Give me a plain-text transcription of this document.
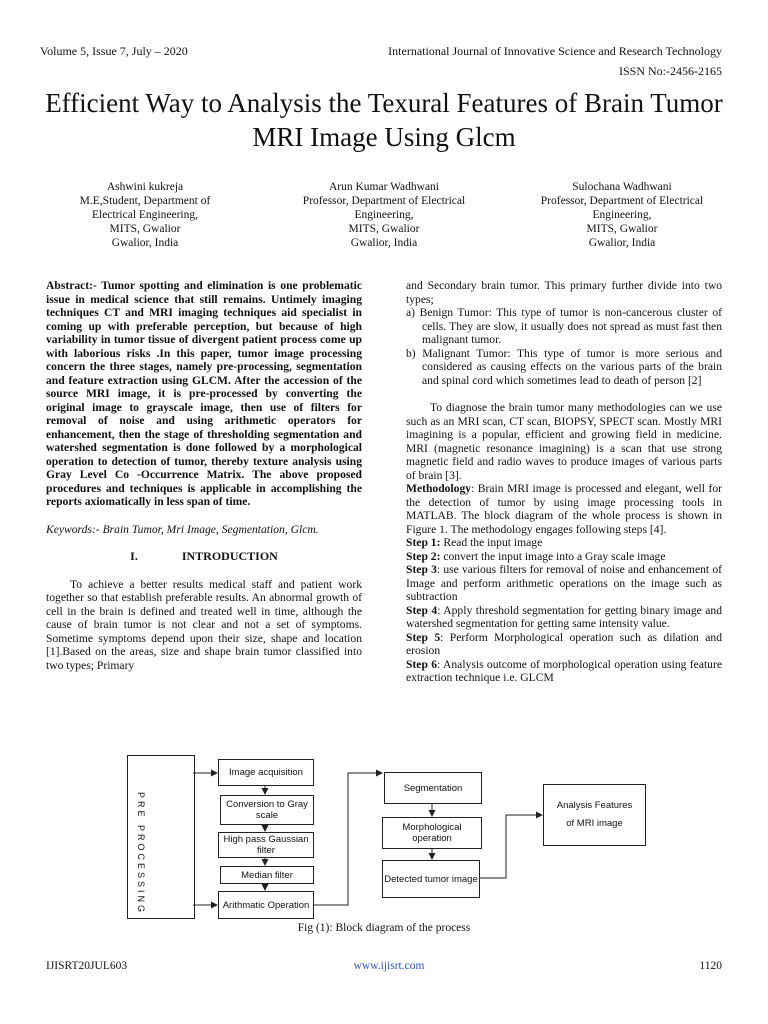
Volume 5, Issue 7, July – 2020	International Journal of Innovative Science and Research Technology
ISSN No:-2456-2165
Efficient Way to Analysis the Texural Features of Brain Tumor MRI Image Using Glcm
Ashwini kukreja
M.E,Student, Department of Electrical Engineering,
MITS, Gwalior
Gwalior, India
Arun Kumar Wadhwani
Professor, Department of Electrical Engineering,
MITS, Gwalior
Gwalior, India
Sulochana Wadhwani
Professor, Department of Electrical Engineering,
MITS, Gwalior
Gwalior, India

Abstract:- Tumor spotting and elimination is one problematic issue in medical science that still remains. Untimely imaging techniques CT and MRI imaging techniques aid specialist in coming up with preferable perception, but because of high variability in tumor tissue of divergent patient process come up with laborious risks .In this paper, tumor image processing concern the three stages, namely pre-processing, segmentation and feature extraction using GLCM. After the accession of the source MRI image, it is pre-processed by converting the original image to grayscale image, then use of filters for removal of noise and using arithmetic operators for enhancement, then the stage of thresholding segmentation and watershed segmentation is done followed by a morphological operation to detection of tumor, thereby texture analysis using Gray Level Co -Occurrence Matrix. The above proposed procedures and techniques is applicable in accomplishing the reports axiomatically in less span of time.

Keywords:- Brain Tumor, Mri Image, Segmentation, Glcm.

I.	INTRODUCTION

To achieve a better results medical staff and patient work together so that establish preferable results. An abnormal growth of cell in the brain is defined and treated well in time, although the cause of brain tumor is not clear and not a set of symptoms. Sometime symptoms depend upon their size, shape and location [1].Based on the areas, size and shape brain tumor classified into two types; Primary

and Secondary brain tumor. This primary further divide into two types;

a) Benign Tumor: This type of tumor is non-cancerous cluster of cells. They are slow, it usually does not spread as must fast then malignant tumor.

b) Malignant Tumor: This type of tumor is more serious and considered as causing effects on the various parts of the brain and spinal cord which sometimes lead to death of person [2]

To diagnose the brain tumor many methodologies can we use such as an MRI scan, CT scan, BIOPSY, SPECT scan. Mostly MRI imagining is a popular, efficient and growing field in medicine. MRI (magnetic resonance imagining) is a scan that use strong magnetic field and radio waves to produce images of various parts of brain [3].

Methodology: Brain MRI image is processed and elegant, well for the detection of tumor by using image processing tools in MATLAB. The block diagram of the whole process is shown in Figure 1. The methodology engages following steps [4].

Step 1: Read the input image

Step 2: convert the input image into a Gray scale image

Step 3: use various filters for removal of noise and enhancement of Image and perform arithmetic operations on the image such as subtraction

Step 4: Apply threshold segmentation for getting binary image and watershed segmentation for getting same intensity value.

Step 5: Perform Morphological operation such as dilation and erosion

Step 6: Analysis outcome of morphological operation using feature extraction technique i.e. GLCM

PRE PROCESSING
Image acquisition
Conversion to Gray scale
High pass Gaussian filter
Median filter
Arithmatic Operation
Segmentation
Morphological operation
Detected tumor image
Analysis Features of MRI image
Fig (1): Block diagram of the process
IJISRT20JUL603	www.ijisrt.com	1120
